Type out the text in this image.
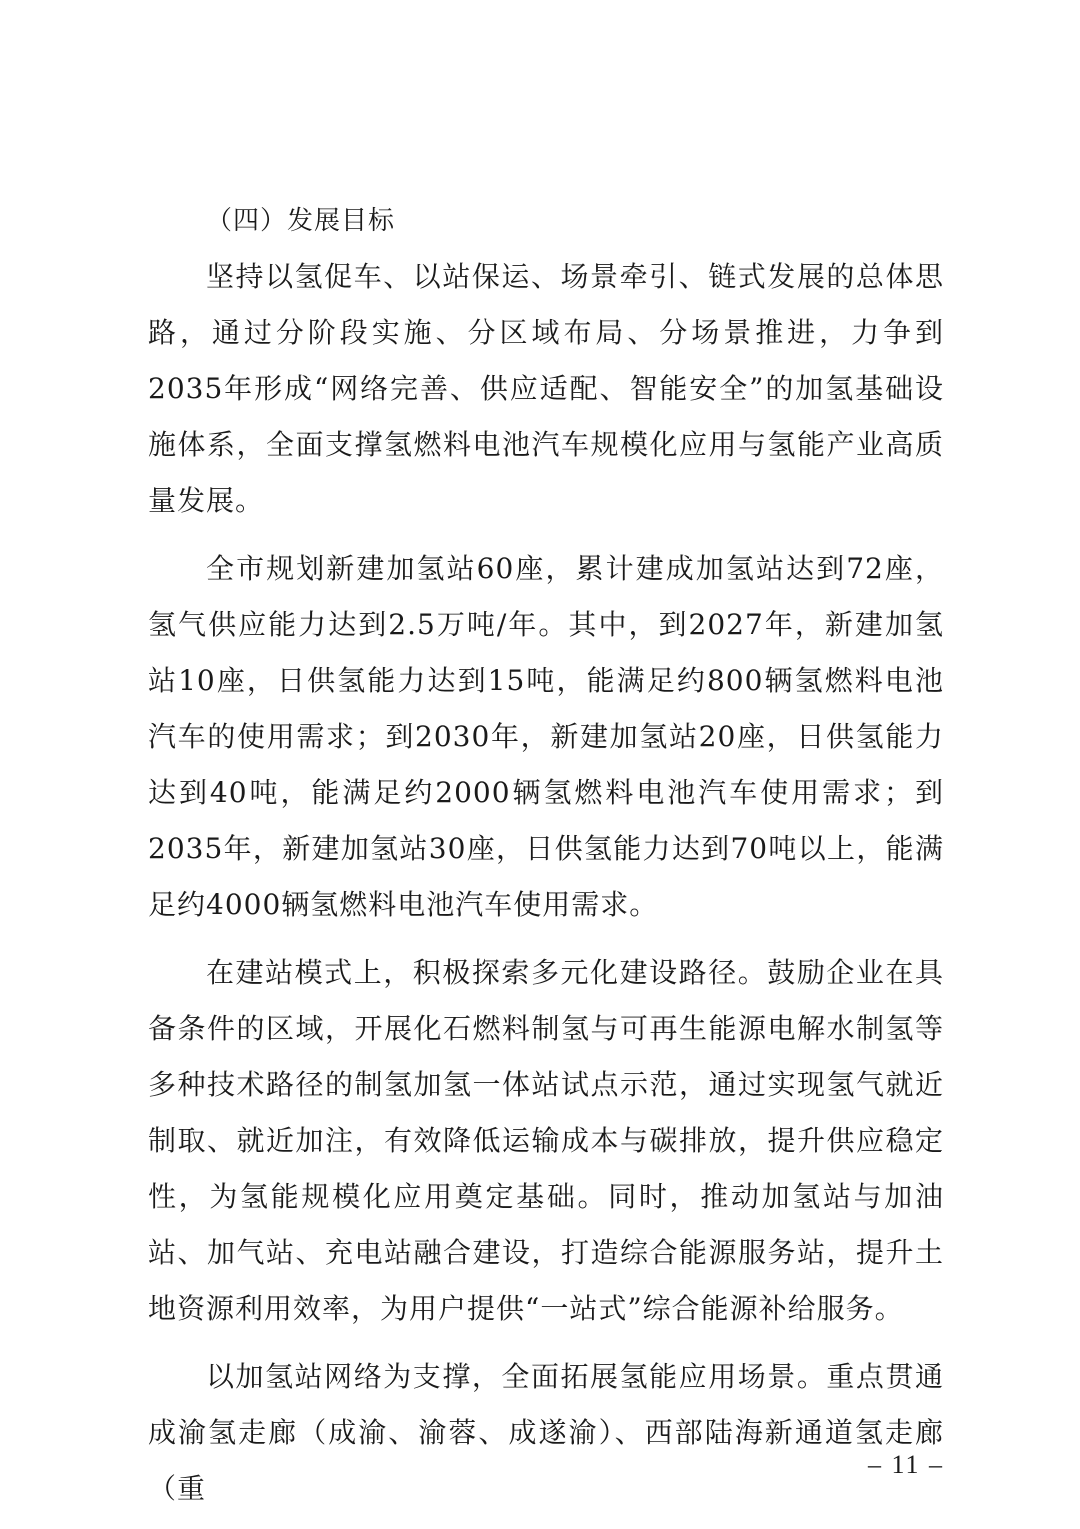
（四）发展目标

坚持以氢促车、以站保运、场景牵引、链式发展的总体思路，通过分阶段实施、分区域布局、分场景推进，力争到2035年形成“网络完善、供应适配、智能安全”的加氢基础设施体系，全面支撑氢燃料电池汽车规模化应用与氢能产业高质量发展。

全市规划新建加氢站60座，累计建成加氢站达到72座，氢气供应能力达到2.5万吨/年。其中，到2027年，新建加氢站10座，日供氢能力达到15吨，能满足约800辆氢燃料电池汽车的使用需求；到2030年，新建加氢站20座，日供氢能力达到40吨，能满足约2000辆氢燃料电池汽车使用需求；到2035年，新建加氢站30座，日供氢能力达到70吨以上，能满足约4000辆氢燃料电池汽车使用需求。

在建站模式上，积极探索多元化建设路径。鼓励企业在具备条件的区域，开展化石燃料制氢与可再生能源电解水制氢等多种技术路径的制氢加氢一体站试点示范，通过实现氢气就近制取、就近加注，有效降低运输成本与碳排放，提升供应稳定性，为氢能规模化应用奠定基础。同时，推动加氢站与加油站、加气站、充电站融合建设，打造综合能源服务站，提升土地资源利用效率，为用户提供“一站式”综合能源补给服务。

以加氢站网络为支撑，全面拓展氢能应用场景。重点贯通成渝氢走廊（成渝、渝蓉、成遂渝）、西部陆海新通道氢走廊（重

– 11 –
